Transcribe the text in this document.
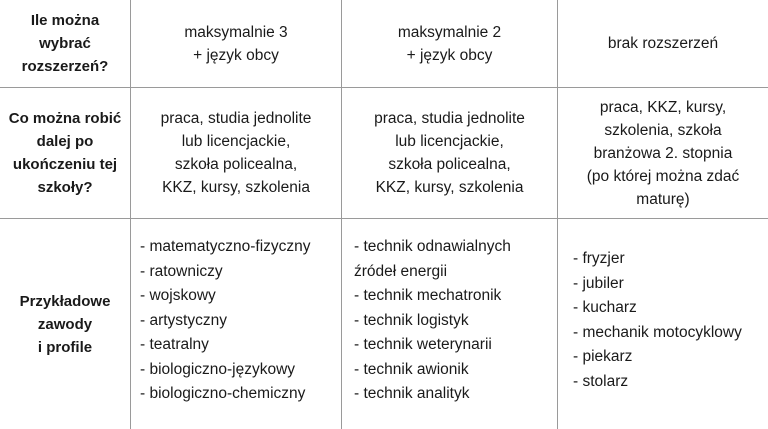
Ile można
wybrać
rozszerzeń?
maksymalnie 3
+ język obcy
maksymalnie 2
+ język obcy
brak rozszerzeń
Co można robić
dalej po
ukończeniu tej
szkoły?
praca, studia jednolite
lub licencjackie,
szkoła policealna,
KKZ, kursy, szkolenia
praca, studia jednolite
lub licencjackie,
szkoła policealna,
KKZ, kursy, szkolenia
praca, KKZ, kursy,
szkolenia, szkoła
branżowa 2. stopnia
(po której można zdać
maturę)
Przykładowe
zawody
i profile
- matematyczno-fizyczny
- ratowniczy
- wojskowy
- artystyczny
- teatralny
- biologiczno-językowy
- biologiczno-chemiczny
- technik odnawialnych
źródeł energii
- technik mechatronik
- technik logistyk
- technik weterynarii
- technik awionik
- technik analityk
- fryzjer
- jubiler
- kucharz
- mechanik motocyklowy
- piekarz
- stolarz
